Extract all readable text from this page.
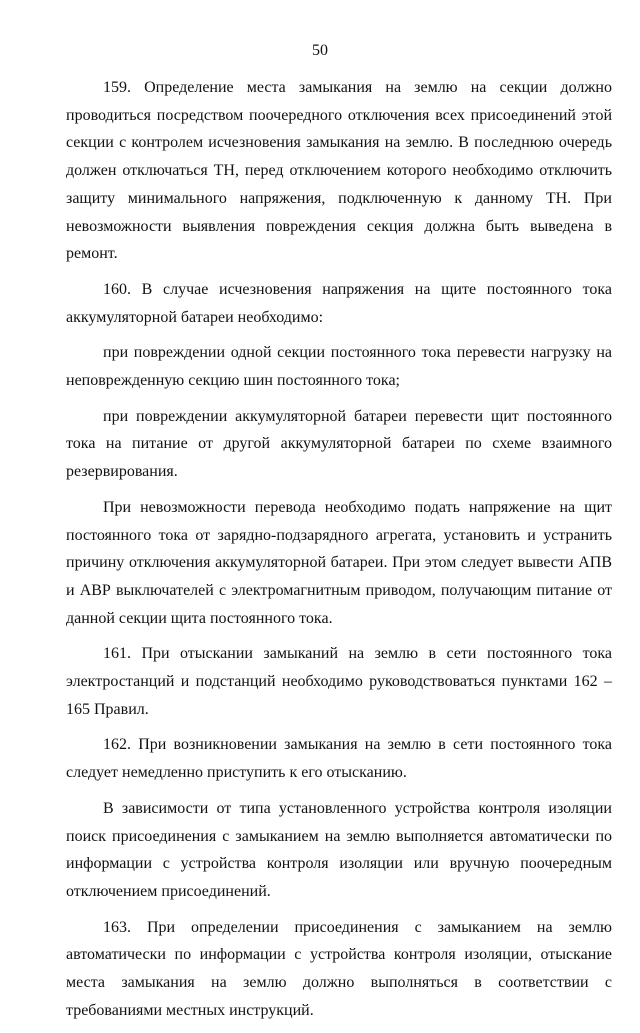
50

159. Определение места замыкания на землю на секции должно проводиться посредством поочередного отключения всех присоединений этой секции с контролем исчезновения замыкания на землю. В последнюю очередь должен отключаться ТН, перед отключением которого необходимо отключить защиту минимального напряжения, подключенную к данному ТН. При невозможности выявления повреждения секция должна быть выведена в ремонт.

160. В случае исчезновения напряжения на щите постоянного тока аккумуляторной батареи необходимо:

при повреждении одной секции постоянного тока перевести нагрузку на неповрежденную секцию шин постоянного тока;

при повреждении аккумуляторной батареи перевести щит постоянного тока на питание от другой аккумуляторной батареи по схеме взаимного резервирования.

При невозможности перевода необходимо подать напряжение на щит постоянного тока от зарядно-подзарядного агрегата, установить и устранить причину отключения аккумуляторной батареи. При этом следует вывести АПВ и АВР выключателей с электромагнитным приводом, получающим питание от данной секции щита постоянного тока.

161. При отыскании замыканий на землю в сети постоянного тока электростанций и подстанций необходимо руководствоваться пунктами 162 – 165 Правил.

162. При возникновении замыкания на землю в сети постоянного тока следует немедленно приступить к его отысканию.

В зависимости от типа установленного устройства контроля изоляции поиск присоединения с замыканием на землю выполняется автоматически по информации с устройства контроля изоляции или вручную поочередным отключением присоединений.

163. При определении присоединения с замыканием на землю автоматически по информации с устройства контроля изоляции, отыскание места замыкания на землю должно выполняться в соответствии с требованиями местных инструкций.
